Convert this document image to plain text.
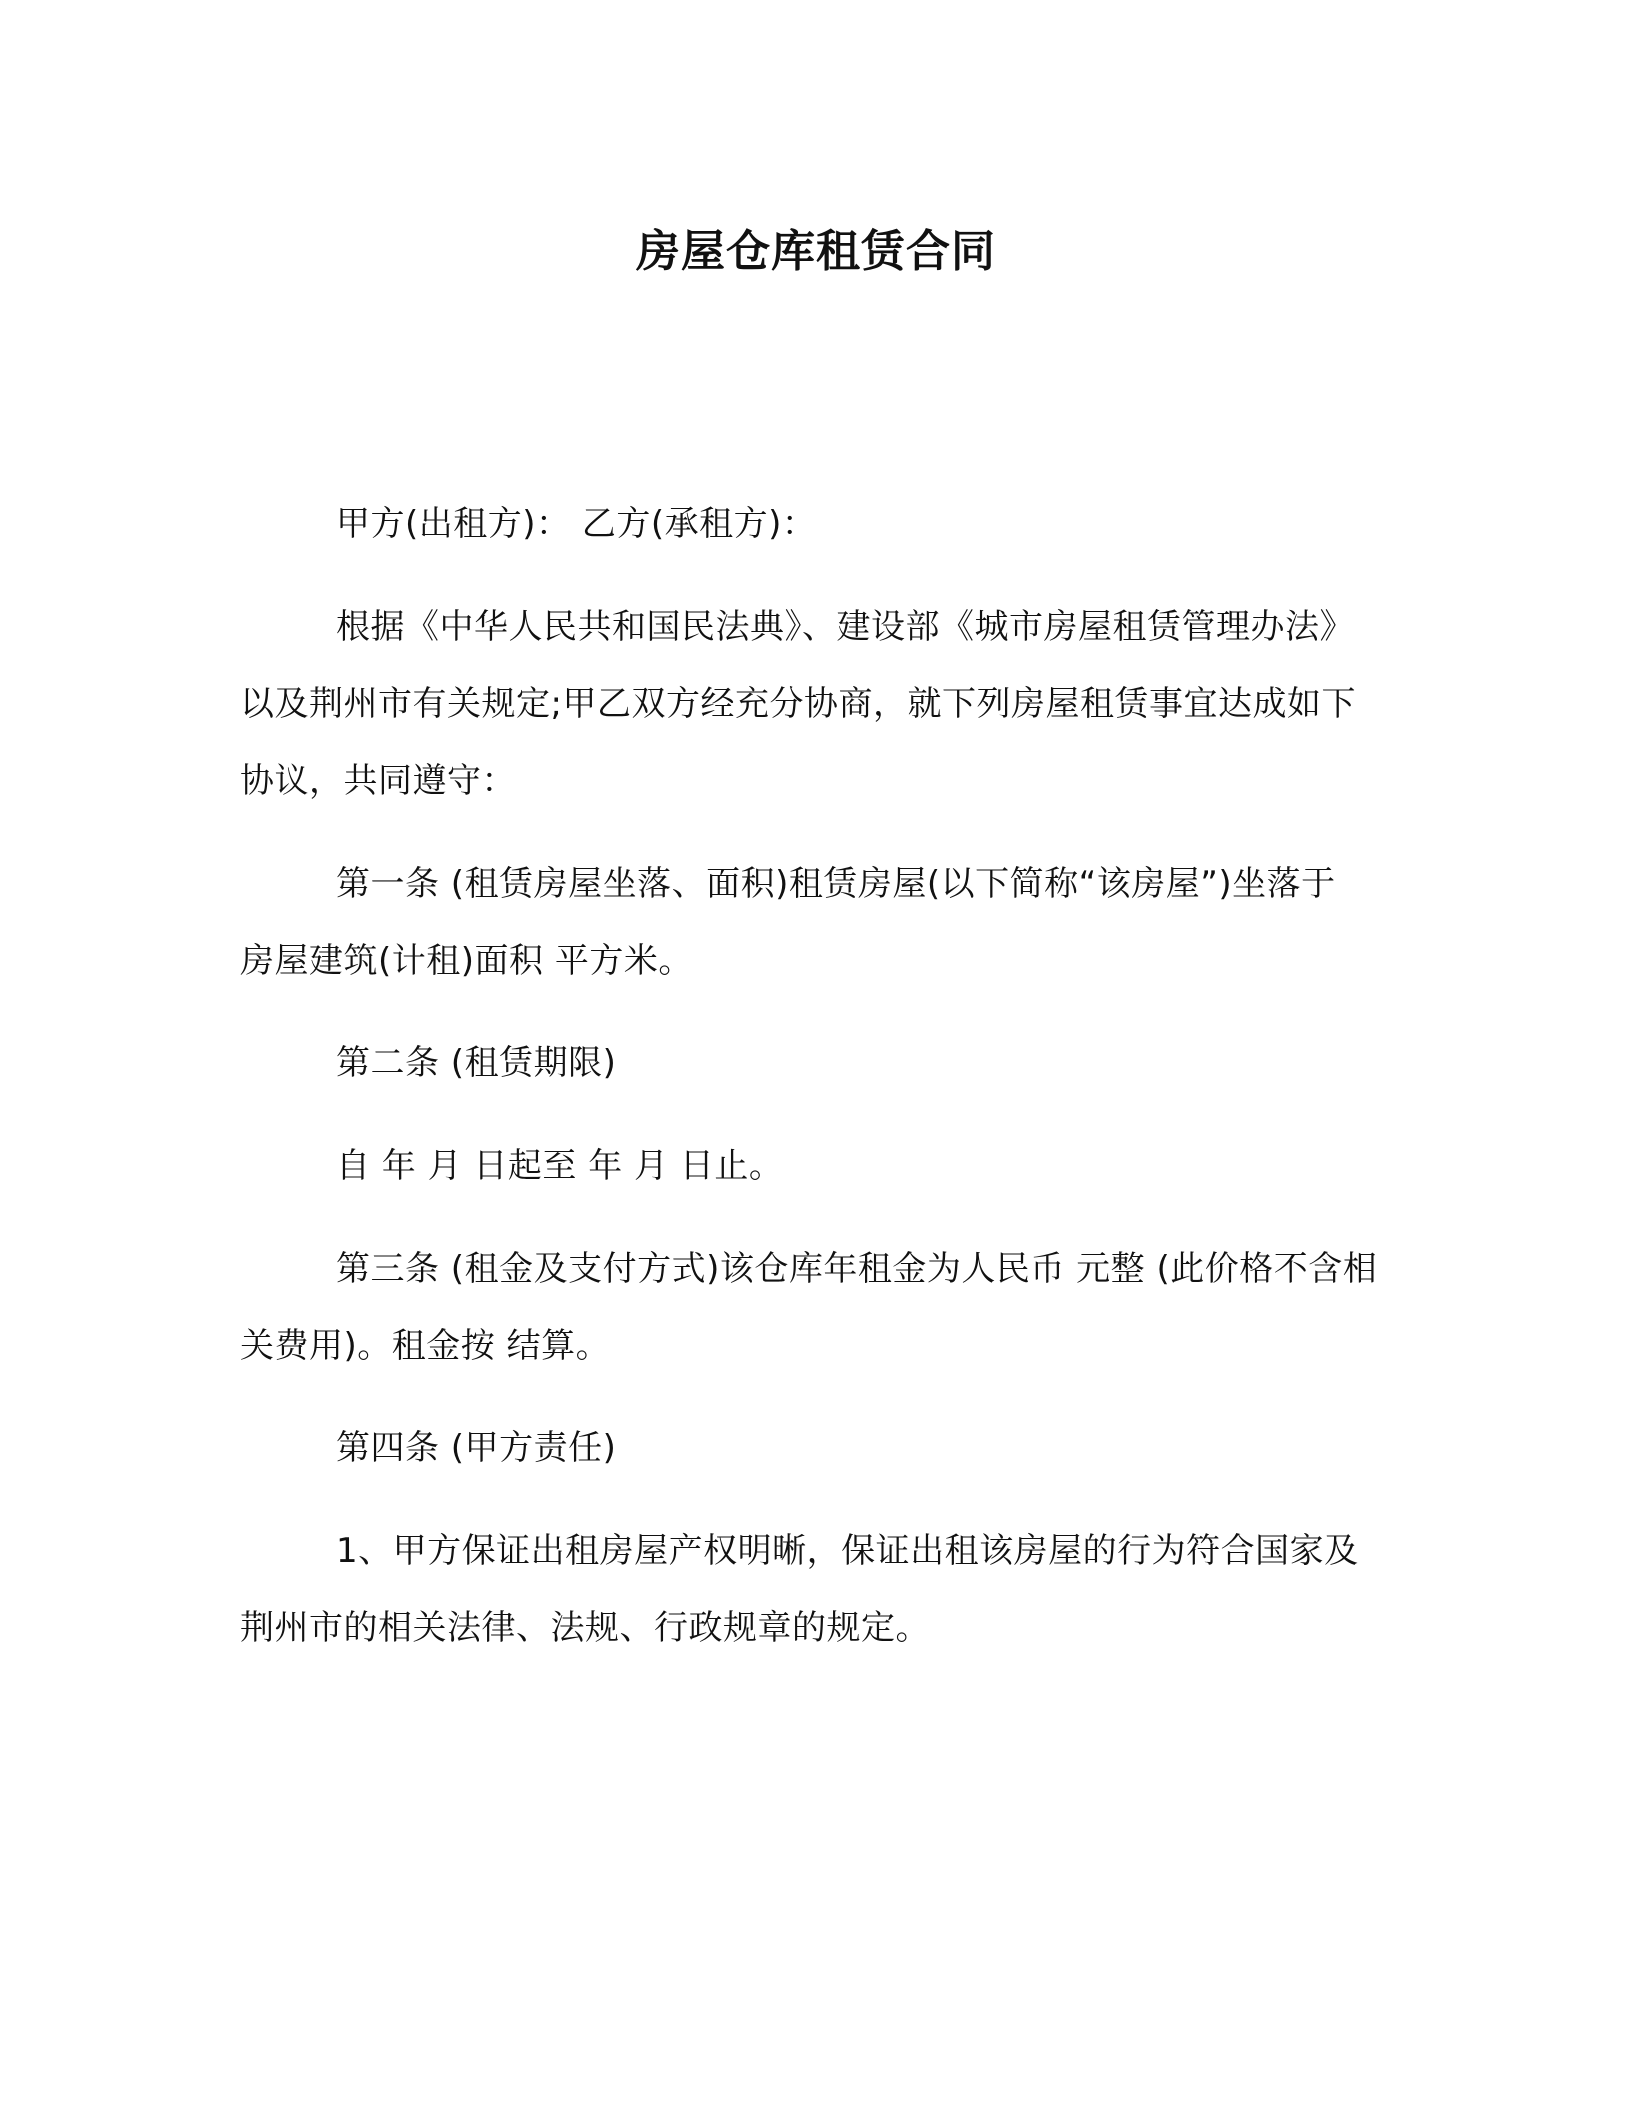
房屋仓库租赁合同

甲方(出租方)： 乙方(承租方)：

根据《中华人民共和国民法典》、建设部《城市房屋租赁管理办法》以及荆州市有关规定;甲乙双方经充分协商，就下列房屋租赁事宜达成如下协议，共同遵守：

第一条 (租赁房屋坐落、面积)租赁房屋(以下简称“该房屋”)坐落于 房屋建筑(计租)面积 平方米。

第二条 (租赁期限)

自 年 月 日起至 年 月 日止。

第三条 (租金及支付方式)该仓库年租金为人民币 元整 (此价格不含相关费用)。租金按 结算。

第四条 (甲方责任)

1、甲方保证出租房屋产权明晰，保证出租该房屋的行为符合国家及荆州市的相关法律、法规、行政规章的规定。
